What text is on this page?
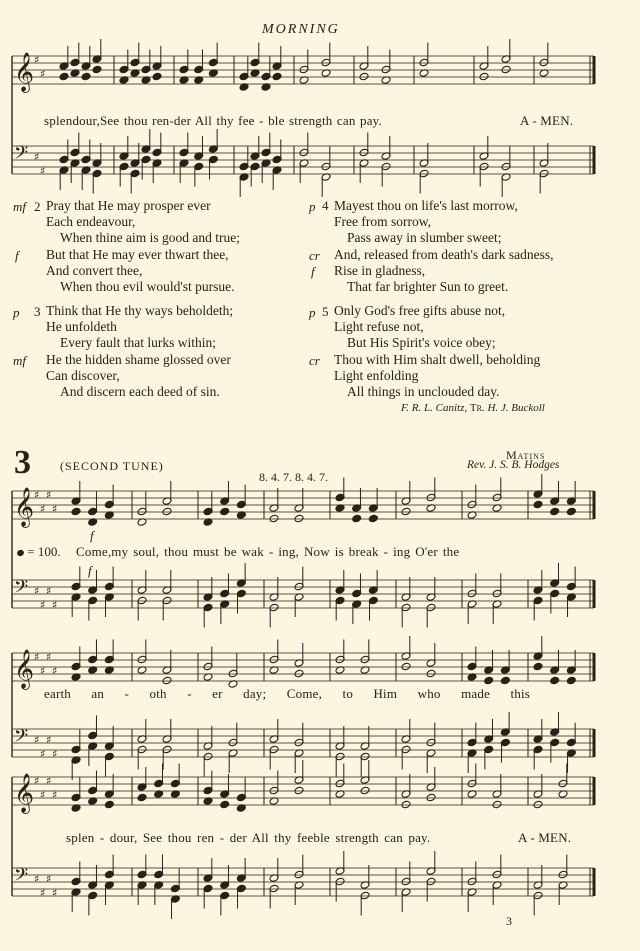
𝄞
𝄢
♯
♯
♯
♯
𝄞
𝄢
♯
♯
♯
♯
♯
♯
♯
♯
𝄞
𝄢
♯
♯
♯
♯
♯
♯
♯
♯
𝄞
𝄢
♯
♯
♯
♯
♯
♯
♯
♯
MORNING
splendour,See thou ren-der All thy fee - ble strength can pay.	A - MEN.
mf 2
f
Pray that He may prosper ever
Each endeavour,
When thine aim is good and true;
But that He may ever thwart thee,
And convert thee,
When thou evil would'st pursue.
p 3
mf
Think that He thy ways beholdeth;
He unfoldeth
Every fault that lurks within;
He the hidden shame glossed over
Can discover,
And discern each deed of sin.
p 4
cr
f
Mayest thou on life's last morrow,
Free from sorrow,
Pass away in slumber sweet;
And, released from death's dark sadness,
Rise in gladness,
That far brighter Sun to greet.
p 5
cr
Only God's free gifts abuse not,
Light refuse not,
But His Spirit's voice obey;
Thou with Him shalt dwell, beholding
Light enfolding
All things in unclouded day.
F. R. L. Canitz, Tr. H. J. Buckoll
3 (SECOND TUNE)
Matins
Rev. J. S. B. Hodges
8. 4. 7. 8. 4. 7.
f
f
= 100. Come,my soul, thou must be wak - ing, Now is break - ing O'er the
earth an - oth - er day; Come, to Him who made this
splen - dour, See thou ren - der All thy feeble strength can pay.	A - MEN.
3
